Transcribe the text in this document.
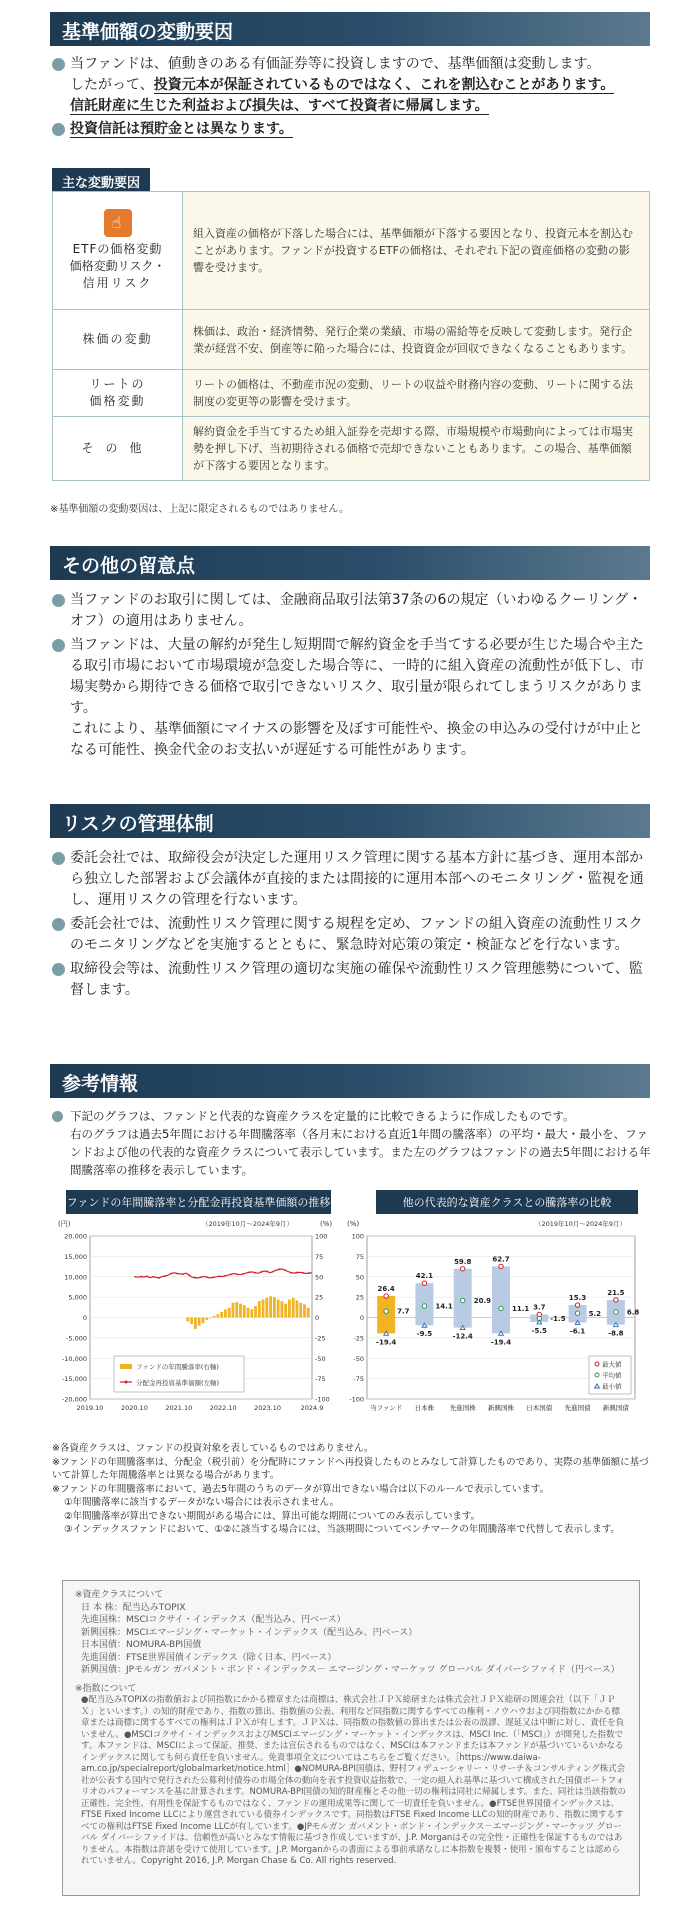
基準価額の変動要因
当ファンドは、値動きのある有価証券等に投資しますので、基準価額は変動します。
したがって、投資元本が保証されているものではなく、これを割込むことがあります。
信託財産に生じた利益および損失は、すべて投資者に帰属します。
投資信託は預貯金とは異なります。
主な変動要因
☝
ETFの価格変動
価格変動リスク・
信用リスク	組入資産の価格が下落した場合には、基準価額が下落する要因となり、投資元本を割込むことがあります。ファンドが投資するETFの価格は、それぞれ下記の資産価格の変動の影響を受けます。
株価の変動	株価は、政治・経済情勢、発行企業の業績、市場の需給等を反映して変動します。発行企業が経営不安、倒産等に陥った場合には、投資資金が回収できなくなることもあります。

リートの
価格変動	リートの価格は、不動産市況の変動、リートの収益や財務内容の変動、リートに関する法制度の変更等の影響を受けます。
その他	解約資金を手当てするため組入証券を売却する際、市場規模や市場動向によっては市場実勢を押し下げ、当初期待される価格で売却できないこともあります。この場合、基準価額が下落する要因となります。
※基準価額の変動要因は、上記に限定されるものではありません。
その他の留意点
当ファンドのお取引に関しては、金融商品取引法第37条の6の規定（いわゆるクーリング・オフ）の適用はありません。
当ファンドは、大量の解約が発生し短期間で解約資金を手当てする必要が生じた場合や主たる取引市場において市場環境が急変した場合等に、一時的に組入資産の流動性が低下し、市場実勢から期待できる価格で取引できないリスク、取引量が限られてしまうリスクがあります。
これにより、基準価額にマイナスの影響を及ぼす可能性や、換金の申込みの受付けが中止となる可能性、換金代金のお支払いが遅延する可能性があります。
リスクの管理体制
委託会社では、取締役会が決定した運用リスク管理に関する基本方針に基づき、運用本部から独立した部署および会議体が直接的または間接的に運用本部へのモニタリング・監視を通し、運用リスクの管理を行ないます。
委託会社では、流動性リスク管理に関する規程を定め、ファンドの組入資産の流動性リスクのモニタリングなどを実施するとともに、緊急時対応策の策定・検証などを行ないます。
取締役会等は、流動性リスク管理の適切な実施の確保や流動性リスク管理態勢について、監督します。
参考情報
下記のグラフは、ファンドと代表的な資産クラスを定量的に比較できるように作成したものです。
右のグラフは過去5年間における年間騰落率（各月末における直近1年間の騰落率）の平均・最大・最小を、ファンドおよび他の代表的な資産クラスについて表示しています。また左のグラフはファンドの過去5年間における年間騰落率の推移を表示しています。
ファンドの年間騰落率と分配金再投資基準価額の推移	他の代表的な資産クラスとの騰落率の比較
(円)	(%)
（2019年10月～2024年9月）
-20,000
-15,000
-10,000
-5,000
0
5,000
10,000
15,000
20,000
-100
-75
-50
-25
0
25
50
75
100
2019.10	2020.10	2021.10	2022.10	2023.10	2024.9
ファンドの年間騰落率(右軸)
分配金再投資基準価額(左軸)
(%)	（2019年10月～2024年9月）
-100
-75
-50
-25
0
25
50
75
100
26.4
7.7
-19.4
当ファンド
42.1
14.1
-9.5
日本株
59.8
20.9
-12.4
先進国株
62.7
11.1
-19.4
新興国株
3.7
-1.5
-5.5
日本国債
15.3
5.2
-6.1
先進国債
21.5
6.8
-8.8
新興国債
最大値
平均値
最小値
※各資産クラスは、ファンドの投資対象を表しているものではありません。
※ファンドの年間騰落率は、分配金（税引前）を分配時にファンドへ再投資したものとみなして計算したものであり、実際の基準価額に基づいて計算した年間騰落率とは異なる場合があります。
※ファンドの年間騰落率において、過去5年間のうちのデータが算出できない場合は以下のルールで表示しています。
①年間騰落率に該当するデータがない場合には表示されません。
②年間騰落率が算出できない期間がある場合には、算出可能な期間についてのみ表示しています。
③インデックスファンドにおいて、①②に該当する場合には、当該期間についてベンチマークの年間騰落率で代替して表示します。
※資産クラスについて
日 本 株：配当込みTOPIX
先進国株：MSCIコクサイ・インデックス（配当込み、円ベース）
新興国株：MSCIエマージング・マーケット・インデックス（配当込み、円ベース）
日本国債：NOMURA-BPI国債
先進国債：FTSE世界国債インデックス（除く日本、円ベース）
新興国債：JPモルガン ガバメント・ボンド・インデックス－ エマージング・マーケッツ グローバル ダイバーシファイド（円ベース）
※指数について
●配当込みTOPIXの指数値および同指数にかかる標章または商標は、株式会社ＪＰＸ総研または株式会社ＪＰＸ総研の関連会社（以下「ＪＰＸ」といいます。）の知的財産であり、指数の算出、指数値の公表、利用など同指数に関するすべての権利・ノウハウおよび同指数にかかる標章または商標に関するすべての権利はＪＰＸが有します。ＪＰＸは、同指数の指数値の算出または公表の誤謬、遅延又は中断に対し、責任を負いません。●MSCIコクサイ・インデックスおよびMSCIエマージング・マーケット・インデックスは、MSCI Inc.（「MSCI」）が開発した指数です。本ファンドは、MSCIによって保証、推奨、または宣伝されるものではなく、MSCIは本ファンドまたは本ファンドが基づいているいかなるインデックスに関しても何ら責任を負いません。免責事項全文についてはこちらをご覧ください。［https://www.daiwa-am.co.jp/specialreport/globalmarket/notice.html］●NOMURA-BPI国債は、野村フィデューシャリー・リサーチ＆コンサルティング株式会社が公表する国内で発行された公募利付債券の市場全体の動向を表す投資収益指数で、一定の組入れ基準に基づいて構成された国債ポートフォリオのパフォーマンスを基に計算されます。NOMURA-BPI国債の知的財産権とその他一切の権利は同社に帰属します。また、同社は当該指数の正確性、完全性、有用性を保証するものではなく、ファンドの運用成果等に関して一切責任を負いません。●FTSE世界国債インデックスは、FTSE Fixed Income LLCにより運営されている債券インデックスです。同指数はFTSE Fixed Income LLCの知的財産であり、指数に関するすべての権利はFTSE Fixed Income LLCが有しています。●JPモルガン ガバメント・ボンド・インデックス－エマージング・マーケッツ グローバル ダイバーシファイドは、信頼性が高いとみなす情報に基づき作成していますが、J.P. Morganはその完全性・正確性を保証するものではありません。本指数は許諾を受けて使用しています。J.P. Morganからの書面による事前承諾なしに本指数を複製・使用・頒布することは認められていません。Copyright 2016, J.P. Morgan Chase & Co. All rights reserved.
